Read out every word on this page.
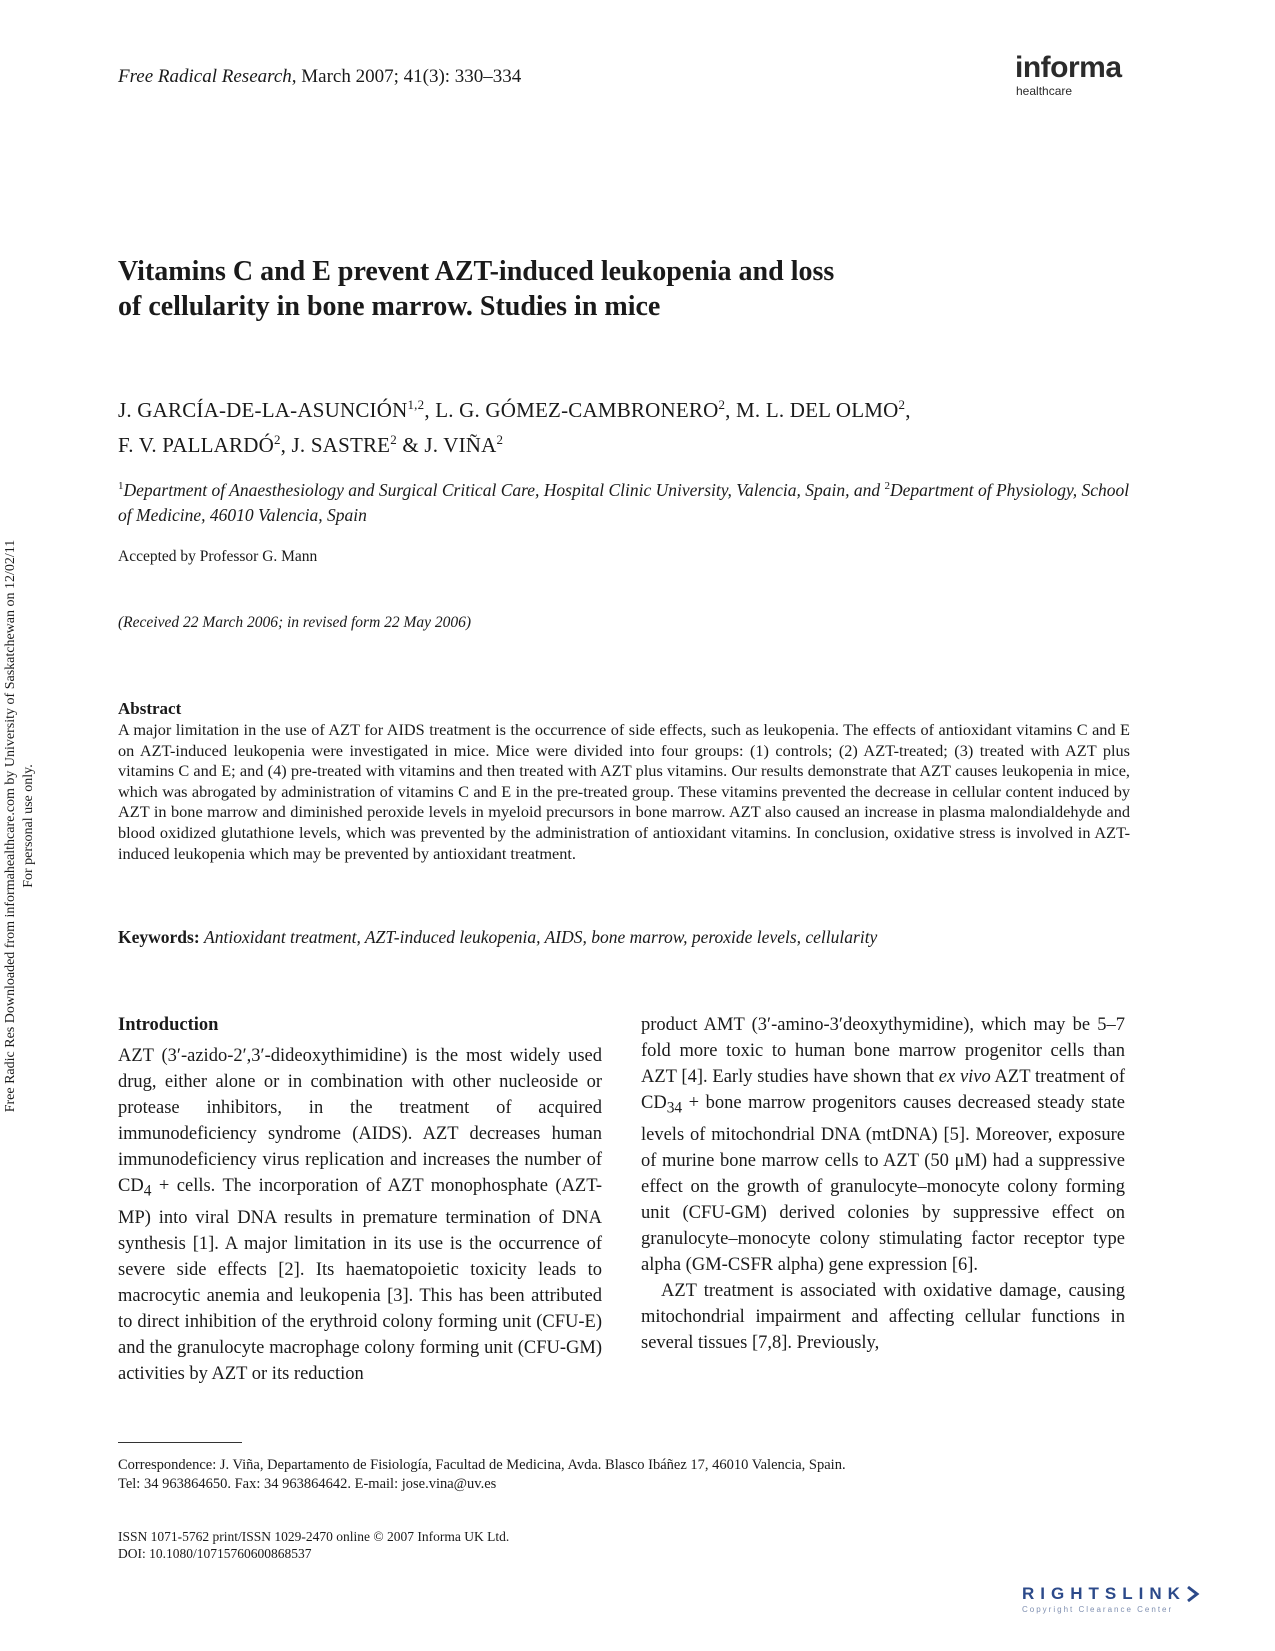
Free Radical Research, March 2007; 41(3): 330–334	informa
healthcare
Vitamins C and E prevent AZT-induced leukopenia and loss
of cellularity in bone marrow. Studies in mice
J. GARCÍA-DE-LA-ASUNCIÓN$^{1,2}$, L. G. GÓMEZ-CAMBRONERO$^2$, M. L. DEL OLMO$^2$,
F. V. PALLARDÓ$^2$, J. SASTRE$^2$ & J. VIÑA$^2$
$^1$Department of Anaesthesiology and Surgical Critical Care, Hospital Clinic University, Valencia, Spain, and $^2$Department of Physiology, School of Medicine, 46010 Valencia, Spain
Accepted by Professor G. Mann
(Received 22 March 2006; in revised form 22 May 2006)
Abstract
A major limitation in the use of AZT for AIDS treatment is the occurrence of side effects, such as leukopenia. The effects of antioxidant vitamins C and E on AZT-induced leukopenia were investigated in mice. Mice were divided into four groups: (1) controls; (2) AZT-treated; (3) treated with AZT plus vitamins C and E; and (4) pre-treated with vitamins and then treated with AZT plus vitamins. Our results demonstrate that AZT causes leukopenia in mice, which was abrogated by administration of vitamins C and E in the pre-treated group. These vitamins prevented the decrease in cellular content induced by AZT in bone marrow and diminished peroxide levels in myeloid precursors in bone marrow. AZT also caused an increase in plasma malondialdehyde and blood oxidized glutathione levels, which was prevented by the administration of antioxidant vitamins. In conclusion, oxidative stress is involved in AZT-induced leukopenia which may be prevented by antioxidant treatment.
Keywords: Antioxidant treatment, AZT-induced leukopenia, AIDS, bone marrow, peroxide levels, cellularity
Introduction

AZT (3′-azido-2′,3′-dideoxythimidine) is the most widely used drug, either alone or in combination with other nucleoside or protease inhibitors, in the treatment of acquired immunodeficiency syndrome (AIDS). AZT decreases human immunodeficiency virus replication and increases the number of $CD_4$ + cells. The incorporation of AZT monophosphate (AZT-MP) into viral DNA results in premature termination of DNA synthesis [1]. A major limitation in its use is the occurrence of severe side effects [2]. Its haematopoietic toxicity leads to macrocytic anemia and leukopenia [3]. This has been attributed to direct inhibition of the erythroid colony forming unit (CFU-E) and the granulocyte macrophage colony forming unit (CFU-GM) activities by AZT or its reduction

product AMT (3′-amino-3′deoxythymidine), which may be 5–7 fold more toxic to human bone marrow progenitor cells than AZT [4]. Early studies have shown that ex vivo AZT treatment of $CD_{34}$ + bone marrow progenitors causes decreased steady state levels of mitochondrial DNA (mtDNA) [5]. Moreover, exposure of murine bone marrow cells to AZT (50 μM) had a suppressive effect on the growth of granulocyte–monocyte colony forming unit (CFU-GM) derived colonies by suppressive effect on granulocyte–monocyte colony stimulating factor receptor type alpha (GM-CSFR alpha) gene expression [6].

AZT treatment is associated with oxidative damage, causing mitochondrial impairment and affecting cellular functions in several tissues [7,8]. Previously,

Correspondence: J. Viña, Departamento de Fisiología, Facultad de Medicina, Avda. Blasco Ibáñez 17, 46010 Valencia, Spain.
Tel: 34 963864650. Fax: 34 963864642. E-mail: jose.vina@uv.es
ISSN 1071-5762 print/ISSN 1029-2470 online © 2007 Informa UK Ltd.
DOI: 10.1080/10715760600868537
Free Radic Res Downloaded from informahealthcare.com by University of Saskatchewan on 12/02/11 For personal use only.
RIGHTSLINK
Copyright Clearance Center
